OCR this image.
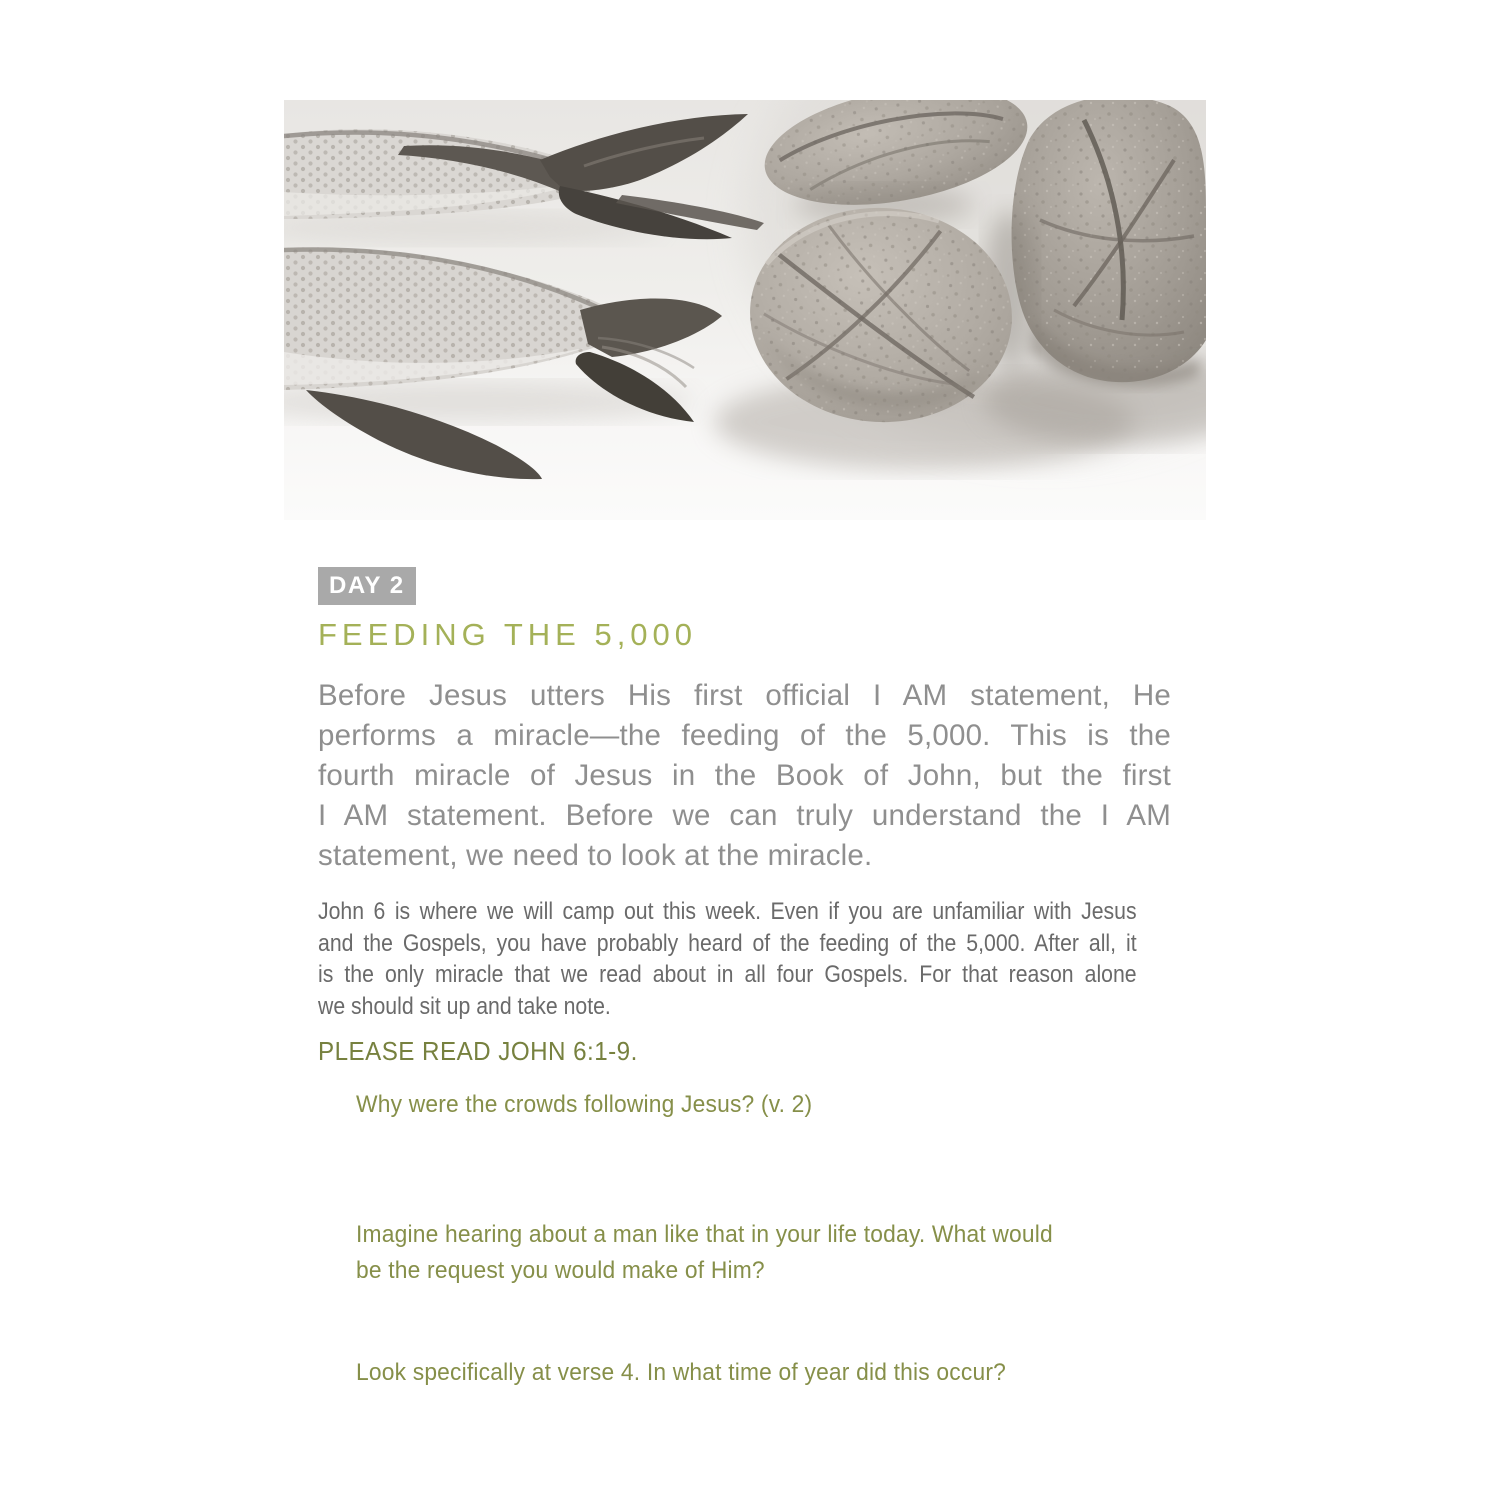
DAY 2
FEEDING THE 5,000
Before Jesus utters His first official I AM statement, He
performs a miracle—the feeding of the 5,000. This is the
fourth miracle of Jesus in the Book of John, but the first
I AM statement. Before we can truly understand the I AM
statement, we need to look at the miracle.
John 6 is where we will camp out this week. Even if you are unfamiliar with Jesus
and the Gospels, you have probably heard of the feeding of the 5,000. After all, it
is the only miracle that we read about in all four Gospels. For that reason alone
we should sit up and take note.
PLEASE READ JOHN 6:1-9.
Why were the crowds following Jesus? (v. 2)
Imagine hearing about a man like that in your life today. What would
be the request you would make of Him?
Look specifically at verse 4. In what time of year did this occur?
